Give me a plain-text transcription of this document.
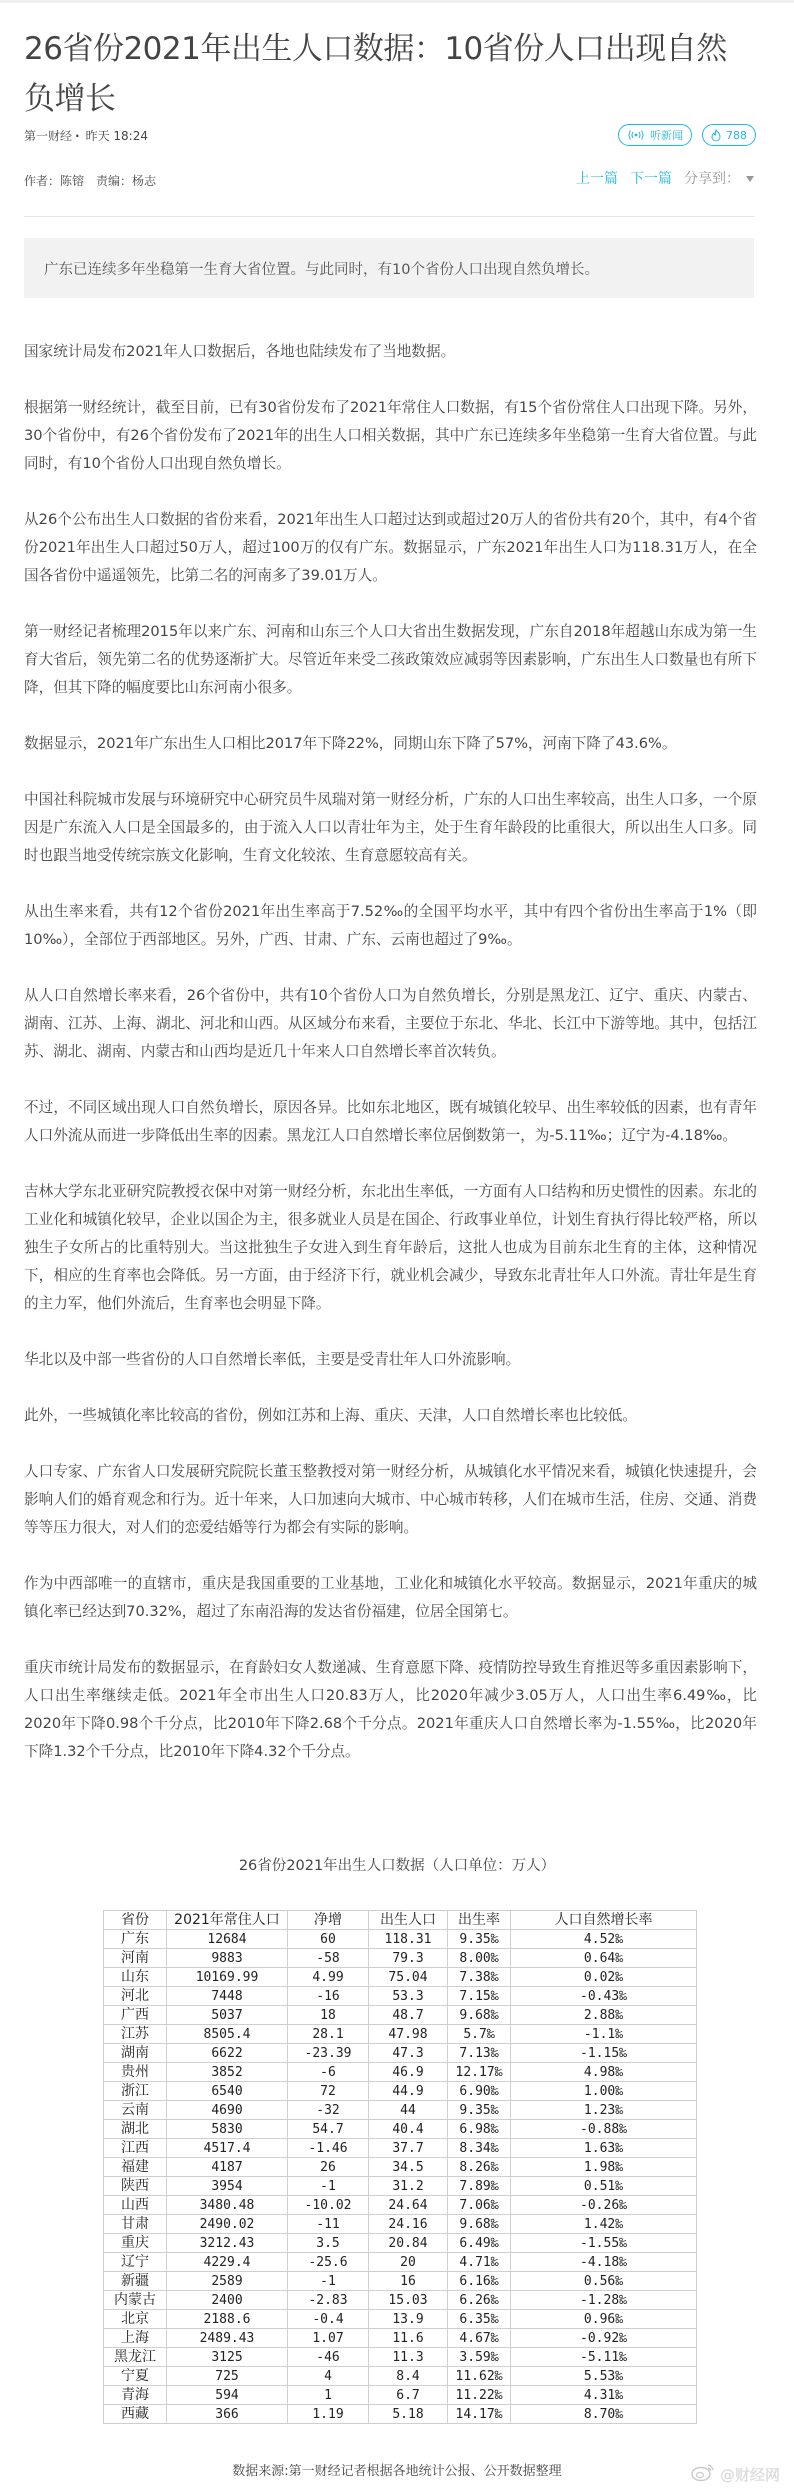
26省份2021年出生人口数据：10省份人口出现自然负增长
第一财经 · 昨天 18:24	听新闻	788
作者：陈镕 责编：杨志	上一篇 下一篇 分享到：
广东已连续多年坐稳第一生育大省位置。与此同时，有10个省份人口出现自然负增长。

国家统计局发布2021年人口数据后，各地也陆续发布了当地数据。

根据第一财经统计，截至目前，已有30省份发布了2021年常住人口数据，有15个省份常住人口出现下降。另外，30个省份中，有26个省份发布了2021年的出生人口相关数据，其中广东已连续多年坐稳第一生育大省位置。与此同时，有10个省份人口出现自然负增长。

从26个公布出生人口数据的省份来看，2021年出生人口超过达到或超过20万人的省份共有20个，其中，有4个省份2021年出生人口超过50万人，超过100万的仅有广东。数据显示，广东2021年出生人口为118.31万人，在全国各省份中遥遥领先，比第二名的河南多了39.01万人。

第一财经记者梳理2015年以来广东、河南和山东三个人口大省出生数据发现，广东自2018年超越山东成为第一生育大省后，领先第二名的优势逐渐扩大。尽管近年来受二孩政策效应减弱等因素影响，广东出生人口数量也有所下降，但其下降的幅度要比山东河南小很多。

数据显示，2021年广东出生人口相比2017年下降22%，同期山东下降了57%，河南下降了43.6%。

中国社科院城市发展与环境研究中心研究员牛凤瑞对第一财经分析，广东的人口出生率较高，出生人口多，一个原因是广东流入人口是全国最多的，由于流入人口以青壮年为主，处于生育年龄段的比重很大，所以出生人口多。同时也跟当地受传统宗族文化影响，生育文化较浓、生育意愿较高有关。

从出生率来看，共有12个省份2021年出生率高于7.52‰的全国平均水平，其中有四个省份出生率高于1%（即10‰），全部位于西部地区。另外，广西、甘肃、广东、云南也超过了9‰。

从人口自然增长率来看，26个省份中，共有10个省份人口为自然负增长，分别是黑龙江、辽宁、重庆、内蒙古、湖南、江苏、上海、湖北、河北和山西。从区域分布来看，主要位于东北、华北、长江中下游等地。其中，包括江苏、湖北、湖南、内蒙古和山西均是近几十年来人口自然增长率首次转负。

不过，不同区域出现人口自然负增长，原因各异。比如东北地区，既有城镇化较早、出生率较低的因素，也有青年人口外流从而进一步降低出生率的因素。黑龙江人口自然增长率位居倒数第一，为-5.11‰；辽宁为-4.18‰。

吉林大学东北亚研究院教授衣保中对第一财经分析，东北出生率低，一方面有人口结构和历史惯性的因素。东北的工业化和城镇化较早，企业以国企为主，很多就业人员是在国企、行政事业单位，计划生育执行得比较严格，所以独生子女所占的比重特别大。当这批独生子女进入到生育年龄后，这批人也成为目前东北生育的主体，这种情况下，相应的生育率也会降低。另一方面，由于经济下行，就业机会减少，导致东北青壮年人口外流。青壮年是生育的主力军，他们外流后，生育率也会明显下降。

华北以及中部一些省份的人口自然增长率低，主要是受青壮年人口外流影响。

此外，一些城镇化率比较高的省份，例如江苏和上海、重庆、天津，人口自然增长率也比较低。

人口专家、广东省人口发展研究院院长董玉整教授对第一财经分析，从城镇化水平情况来看，城镇化快速提升，会影响人们的婚育观念和行为。近十年来，人口加速向大城市、中心城市转移，人们在城市生活，住房、交通、消费等等压力很大，对人们的恋爱结婚等行为都会有实际的影响。

作为中西部唯一的直辖市，重庆是我国重要的工业基地，工业化和城镇化水平较高。数据显示，2021年重庆的城镇化率已经达到70.32%，超过了东南沿海的发达省份福建，位居全国第七。

重庆市统计局发布的数据显示，在育龄妇女人数递减、生育意愿下降、疫情防控导致生育推迟等多重因素影响下，人口出生率继续走低。2021年全市出生人口20.83万人，比2020年减少3.05万人，人口出生率6.49‰，比2020年下降0.98个千分点，比2010年下降2.68个千分点。2021年重庆人口自然增长率为-1.55‰，比2020年下降1.32个千分点，比2010年下降4.32个千分点。

26省份2021年出生人口数据（人口单位：万人）
省份	2021年常住人口	净增	出生人口	出生率	人口自然增长率
广东	12684	60	118.31	9.35‰	4.52‰
河南	9883	-58	79.3	8.00‰	0.64‰
山东	10169.99	4.99	75.04	7.38‰	0.02‰
河北	7448	-16	53.3	7.15‰	-0.43‰
广西	5037	18	48.7	9.68‰	2.88‰
江苏	8505.4	28.1	47.98	5.7‰	-1.1‰
湖南	6622	-23.39	47.3	7.13‰	-1.15‰
贵州	3852	-6	46.9	12.17‰	4.98‰
浙江	6540	72	44.9	6.90‰	1.00‰
云南	4690	-32	44	9.35‰	1.23‰
湖北	5830	54.7	40.4	6.98‰	-0.88‰
江西	4517.4	-1.46	37.7	8.34‰	1.63‰
福建	4187	26	34.5	8.26‰	1.98‰
陕西	3954	-1	31.2	7.89‰	0.51‰
山西	3480.48	-10.02	24.64	7.06‰	-0.26‰
甘肃	2490.02	-11	24.16	9.68‰	1.42‰
重庆	3212.43	3.5	20.84	6.49‰	-1.55‰
辽宁	4229.4	-25.6	20	4.71‰	-4.18‰
新疆	2589	-1	16	6.16‰	0.56‰
内蒙古	2400	-2.83	15.03	6.26‰	-1.28‰
北京	2188.6	-0.4	13.9	6.35‰	0.96‰
上海	2489.43	1.07	11.6	4.67‰	-0.92‰
黑龙江	3125	-46	11.3	3.59‰	-5.11‰
宁夏	725	4	8.4	11.62‰	5.53‰
青海	594	1	6.7	11.22‰	4.31‰
西藏	366	1.19	5.18	14.17‰	8.70‰
数据来源:第一财经记者根据各地统计公报、公开数据整理	@财经网
